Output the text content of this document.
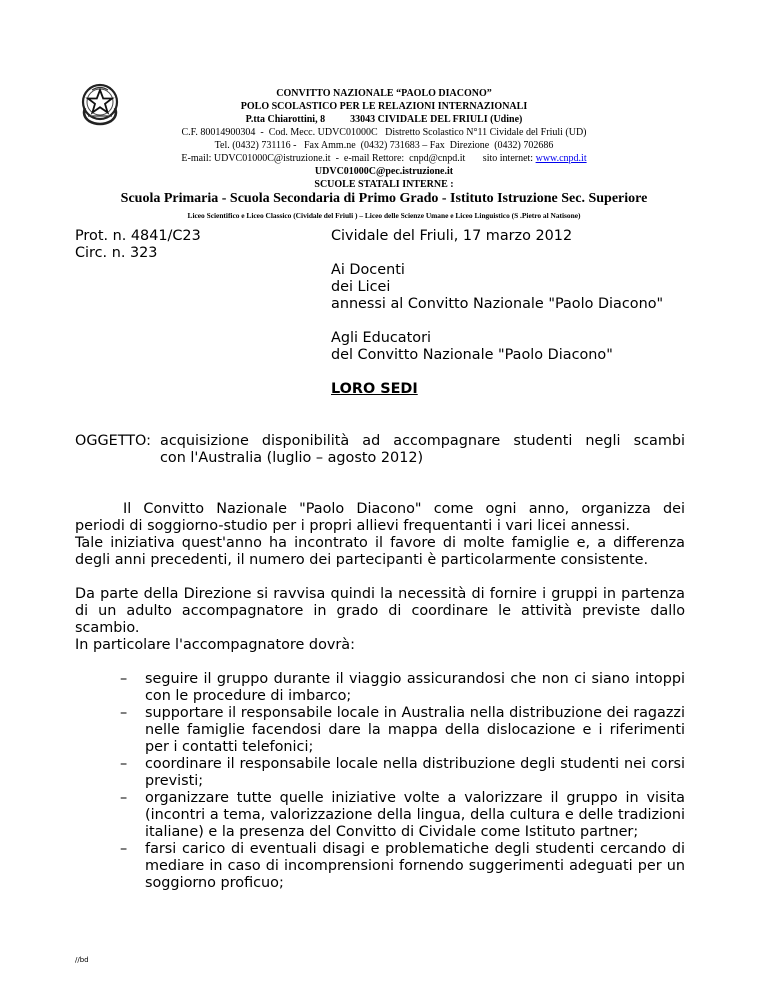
CONVITTO NAZIONALE “PAOLO DIACONO”
POLO SCOLASTICO PER LE RELAZIONI INTERNAZIONALI
P.tta Chiarottini, 8          33043 CIVIDALE DEL FRIULI (Udine)
C.F. 80014900304  -  Cod. Mecc. UDVC01000C   Distretto Scolastico N°11 Cividale del Friuli (UD)
Tel. (0432) 731116 -   Fax Amm.ne  (0432) 731683 – Fax  Direzione  (0432) 702686
E-mail: UDVC01000C@istruzione.it  -  e-mail Rettore:  cnpd@cnpd.it       sito internet: www.cnpd.it
UDVC01000C@pec.istruzione.it
SCUOLE STATALI INTERNE :
Scuola Primaria - Scuola Secondaria di Primo Grado - Istituto Istruzione Sec. Superiore
Liceo Scientifico e Liceo Classico (Cividale del Friuli ) – Liceo delle Scienze Umane e Liceo Linguistico (S .Pietro al Natisone)
Prot. n. 4841/C23
Circ. n. 323
Cividale del Friuli, 17 marzo 2012
Ai Docenti
dei Licei
annessi al Convitto Nazionale "Paolo Diacono"
Agli Educatori
del Convitto Nazionale "Paolo Diacono"
LORO SEDI
OGGETTO: acquisizione disponibilità ad accompagnare studenti negli scambi
con l'Australia (luglio – agosto 2012)
Il Convitto Nazionale "Paolo Diacono" come ogni anno, organizza dei
periodi di soggiorno-studio per i propri allievi frequentanti i vari licei annessi.
Tale iniziativa quest'anno ha incontrato il favore di molte famiglie e, a differenza degli anni precedenti, il numero dei partecipanti è particolarmente consistente.
Da parte della Direzione si ravvisa quindi la necessità di fornire i gruppi in partenza di un adulto accompagnatore in grado di coordinare le attività previste dallo scambio.
In particolare l'accompagnatore dovrà:
– seguire il gruppo durante il viaggio assicurandosi che non ci siano intoppi con le procedure di imbarco;
– supportare il responsabile locale in Australia nella distribuzione dei ragazzi nelle famiglie facendosi dare la mappa della dislocazione e i riferimenti per i contatti telefonici;
– coordinare il responsabile locale nella distribuzione degli studenti nei corsi previsti;
– organizzare tutte quelle iniziative volte a valorizzare il gruppo in visita (incontri a tema, valorizzazione della lingua, della cultura e delle tradizioni italiane) e la presenza del Convitto di Cividale come Istituto partner;
– farsi carico di eventuali disagi e problematiche degli studenti cercando di mediare in caso di incomprensioni fornendo suggerimenti adeguati per un soggiorno proficuo;
//bd
